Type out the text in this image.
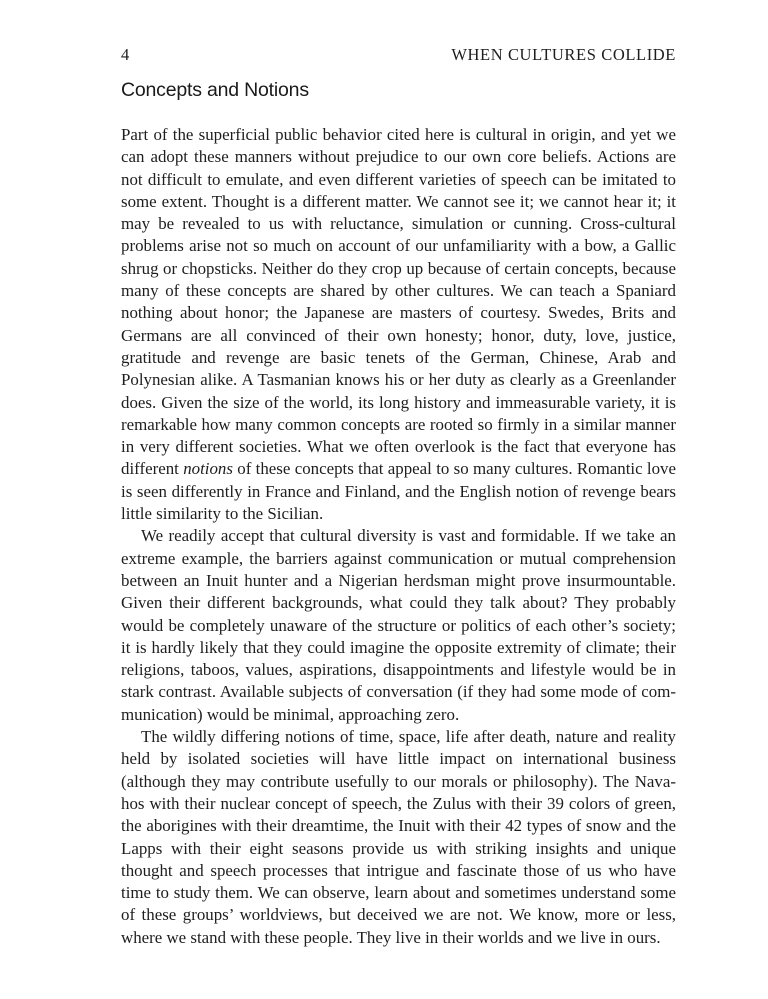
4	WHEN CULTURES COLLIDE
Concepts and Notions

Part of the superficial public behavior cited here is cultural in origin, and yet we can adopt these manners without prejudice to our own core beliefs. Actions are not difficult to emulate, and even different varieties of speech can be imitated to some extent. Thought is a different matter. We cannot see it; we cannot hear it; it may be revealed to us with reluctance, simulation or cunning. Cross-cultural problems arise not so much on account of our unfamiliarity with a bow, a Gallic shrug or chopsticks. Neither do they crop up because of certain concepts, because many of these concepts are shared by other cultures. We can teach a Spaniard nothing about honor; the Japanese are masters of courtesy. Swedes, Brits and Germans are all convinced of their own honesty; honor, duty, love, justice, gratitude and revenge are basic tenets of the German, Chinese, Arab and Polynesian alike. A Tasmanian knows his or her duty as clearly as a Greenlander does. Given the size of the world, its long history and immeasurable variety, it is remarkable how many common concepts are rooted so firmly in a similar manner in very different societies. What we often overlook is the fact that everyone has different notions of these concepts that appeal to so many cultures. Romantic love is seen differently in France and Finland, and the English notion of revenge bears little similarity to the Sicilian.

We readily accept that cultural diversity is vast and formidable. If we take an extreme example, the barriers against communication or mutual comprehension between an Inuit hunter and a Nigerian herdsman might prove insurmountable. Given their different backgrounds, what could they talk about? They probably would be completely unaware of the structure or politics of each other’s society; it is hardly likely that they could imagine the opposite extremity of climate; their religions, taboos, values, aspirations, disappointments and lifestyle would be in stark contrast. Available subjects of conversation (if they had some mode of communication) would be minimal, approaching zero.

The wildly differing notions of time, space, life after death, nature and reality held by isolated societies will have little impact on international business (although they may contribute usefully to our morals or philosophy). The Navahos with their nuclear concept of speech, the Zulus with their 39 colors of green, the aborigines with their dreamtime, the Inuit with their 42 types of snow and the Lapps with their eight seasons provide us with striking insights and unique thought and speech processes that intrigue and fascinate those of us who have time to study them. We can observe, learn about and sometimes understand some of these groups’ worldviews, but deceived we are not. We know, more or less, where we stand with these people. They live in their worlds and we live in ours.
